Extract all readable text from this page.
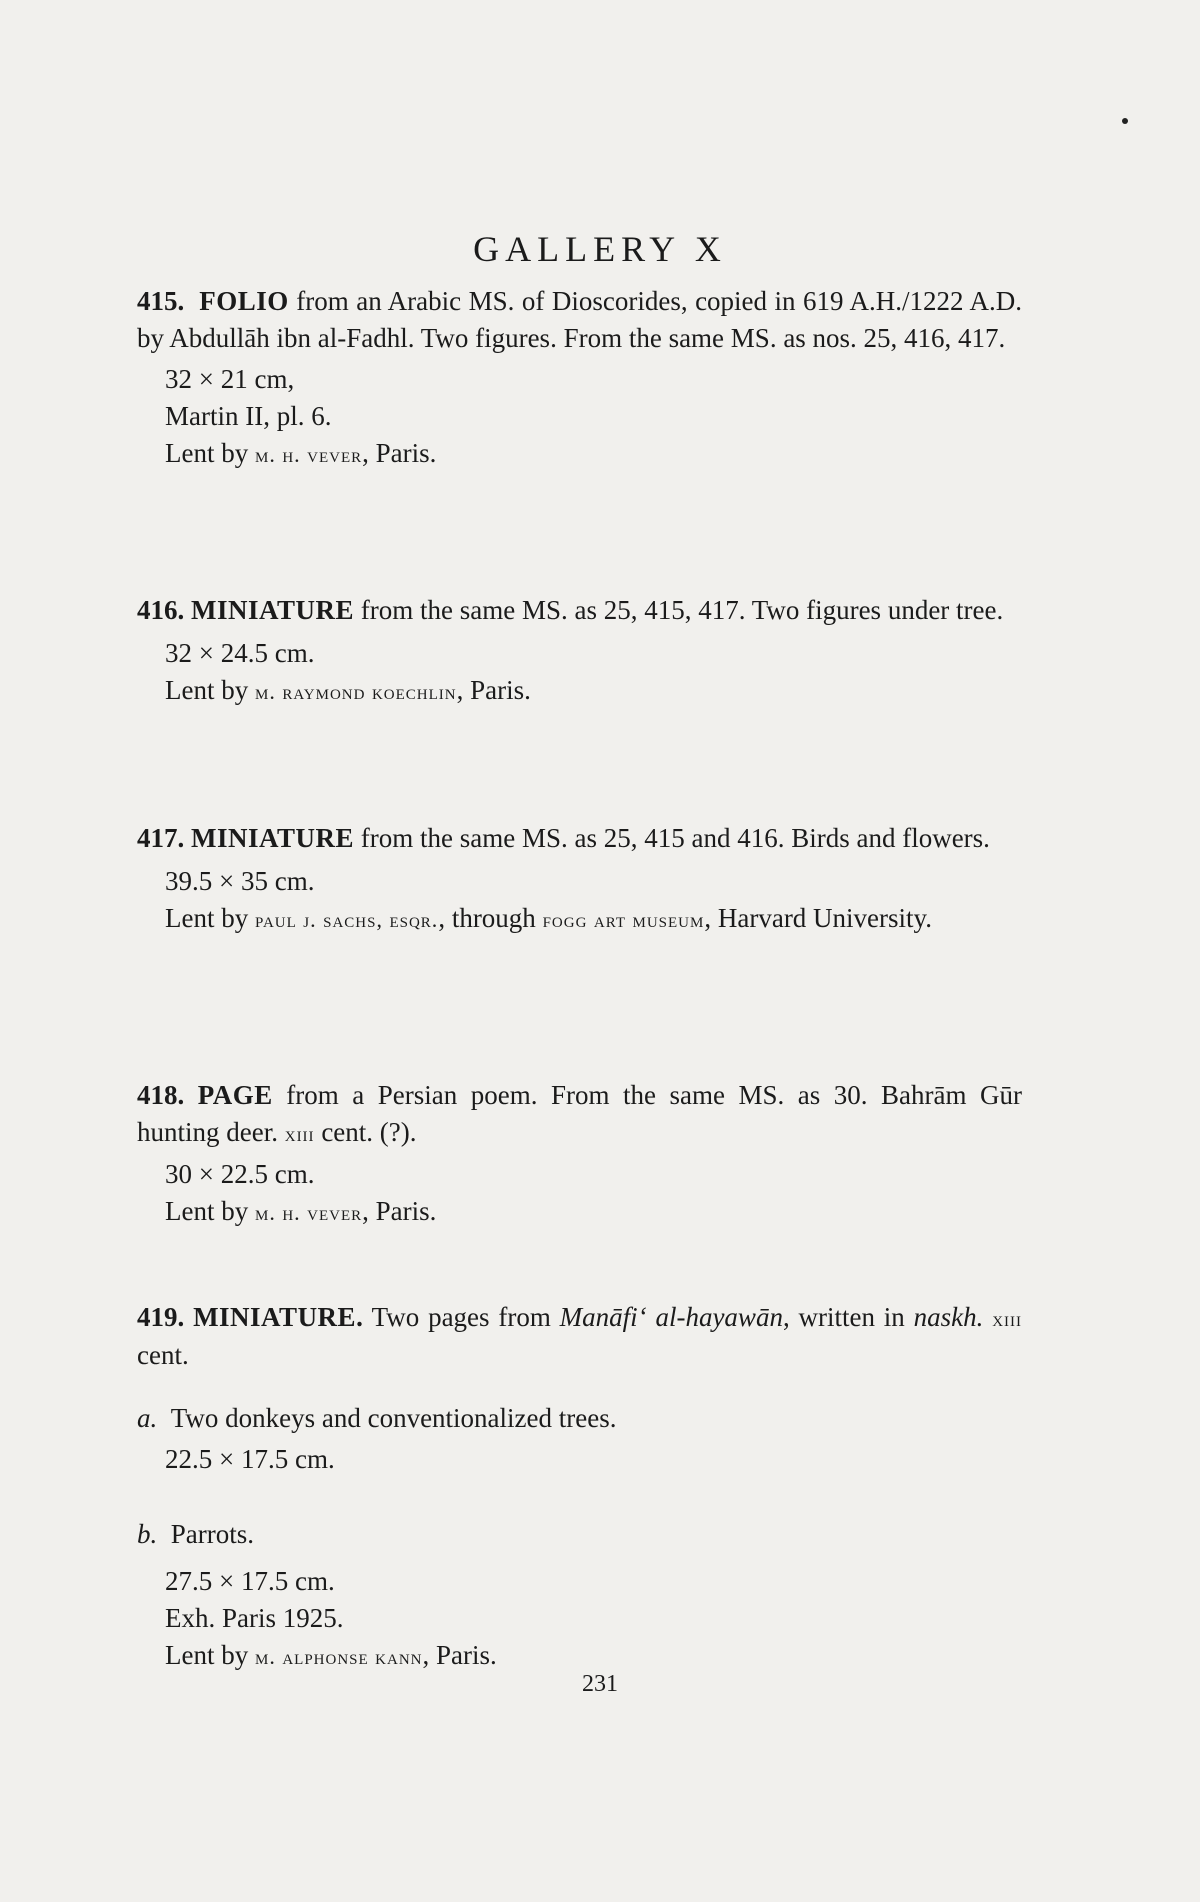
GALLERY X
415. FOLIO from an Arabic MS. of Dioscorides, copied in 619 A.H./1222 A.D. by Abdullāh ibn al-Fadhl. Two figures. From the same MS. as nos. 25, 416, 417.
32 × 21 cm,
Martin II, pl. 6.
Lent by m. h. vever, Paris.
416. MINIATURE from the same MS. as 25, 415, 417. Two figures under tree.
32 × 24.5 cm.
Lent by m. raymond koechlin, Paris.
417. MINIATURE from the same MS. as 25, 415 and 416. Birds and flowers.
39.5 × 35 cm.
Lent by paul j. sachs, esqr., through fogg art museum, Harvard University.
418. PAGE from a Persian poem. From the same MS. as 30. Bahrām Gūr hunting deer. xiii cent. (?).
30 × 22.5 cm.
Lent by m. h. vever, Paris.
419. MINIATURE. Two pages from Manāfi‘ al-hayawān, written in naskh. xiii cent.
a. Two donkeys and conventionalized trees.
22.5 × 17.5 cm.
b. Parrots.
27.5 × 17.5 cm.
Exh. Paris 1925.
Lent by m. alphonse kann, Paris.
231
